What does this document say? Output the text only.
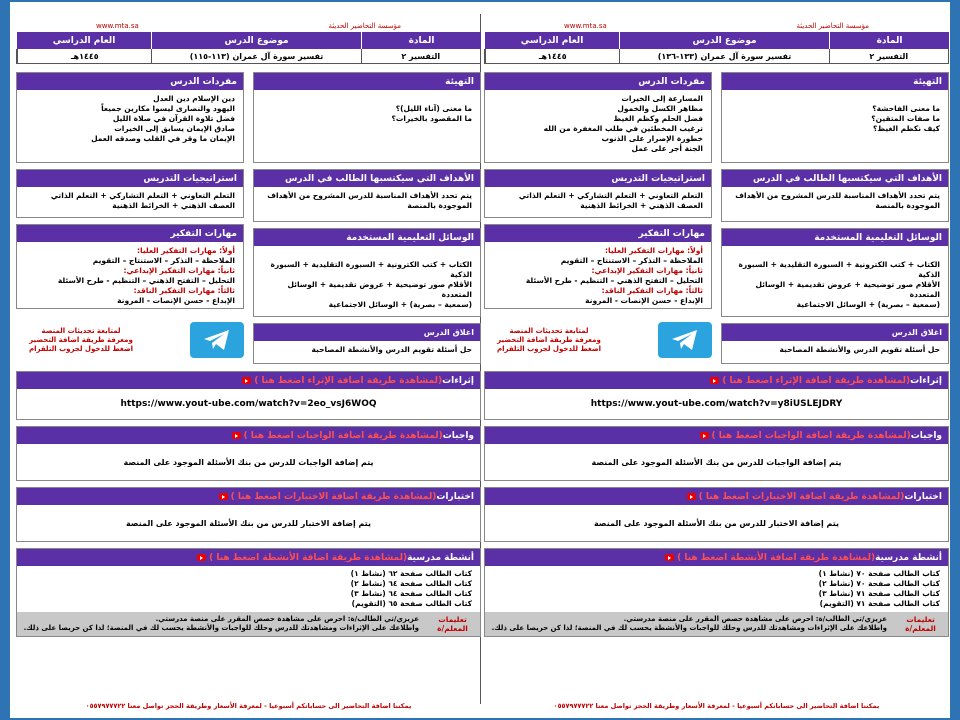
مؤسسة التحاضير الحديثة
www.mta.sa
المادة
موضوع الدرس
العام الدراسي
التفسير ٢
تفسير سورة آل عمران (١٣٣-١٣٦)
١٤٤٥هـ
التهيئة
ما معنى الفاحشة؟
ما صفات المتقين؟
كيف نكظم الغيظ؟
الأهداف التي سيكتسبها الطالب في الدرس
يتم تحدد الأهداف المناسبة للدرس المشروح من الأهداف الموجودة بالمنصة
الوسائل التعليمية المستخدمة
الكتاب + كتب الكترونية + السبورة التقليدية + السبورة الذكية
الأقلام صور توضيحية + عروض تقديمية + الوسائل المتعددة
(سمعية – بصرية) + الوسائل الاجتماعية
اغلاق الدرس
حل أسئلة تقويم الدرس والأنشطة المصاحبة
مفردات الدرس
المسارعة إلى الخيرات
مظاهر الكسل والخمول
فضل الحلم وكظم الغيظ
ترغيب المخطئين في طلب المغفرة من الله
خطورة الإصرار على الذنوب
الجنة أجر على عمل
استراتيجيات التدريس
التعلم التعاوني + التعلم التشاركي + التعلم الذاتي
العصف الذهني + الخرائط الذهنية
مهارات التفكير
أولاً: مهارات التفكير العليا:
الملاحظة – التذكر – الاستنتاج – التقويم
ثانياً: مهارات التفكير الإبداعي:
التحليل – التفتح الذهني – التنظيم - طرح الأسئلة
ثالثاً: مهارات التفكير الناقد:
الإبداع - حسن الإنصات - المرونة
لمتابعة تحديثات المنصة
ومعرفة طريقة اضافة التحضير
اضغط للدخول لجروب التلقرام
إثراءات
(لمشاهدة طريقة اضافة الإثراء اضغط هنا )
https://www.yout-ube.com/watch?v=y8iUSLEJDRY
واجبات
(لمشاهدة طريقة اضافة الواجبات اضغط هنا )
يتم إضافة الواجبات للدرس من بنك الأسئلة الموجود على المنصة
اختبارات
(لمشاهدة طريقة اضافة الاختبارات اضغط هنا )
يتم إضافة الاختبار للدرس من بنك الأسئلة الموجود على المنصة
أنشطة مدرسية
(لمشاهدة طريقة اضافة الأنشطة اضغط هنا )
كتاب الطالب صفحة ٧٠ (نشاط ١)
كتاب الطالب صفحة ٧٠ (نشاط ٢)
كتاب الطالب صفحة ٧١ (نشاط ٣)
كتاب الطالب صفحة ٧١ (التقويم)
تعليمات المعلم/ة
عزيزي/تي الطالب/ة: احرص على مشاهدة حصص المقرر على منصة مدرستي.
واطلاعك على الإثراءات ومشاهدتك للدرس وحلك للواجبات والأنشطة يحسب لك في المنصة؛ لذا كن حريصا على ذلك.
يمكننا اضافة التحاضير الى حساباتكم أسبوعيا - لمعرفة الأسعار وطريقة الحجز تواصل معنا ٠٥٥٧٩٧٧٧٢٢
مؤسسة التحاضير الحديثة
www.mta.sa
المادة
موضوع الدرس
العام الدراسي
التفسير ٢
تفسير سورة آل عمران (١١٣-١١٥)
١٤٤٥هـ
التهيئة
ما معنى (آناء الليل)؟
ما المقصود بالخيرات؟
الأهداف التي سيكتسبها الطالب في الدرس
يتم تحدد الأهداف المناسبة للدرس المشروح من الأهداف الموجودة بالمنصة
الوسائل التعليمية المستخدمة
الكتاب + كتب الكترونية + السبورة التقليدية + السبورة الذكية
الأقلام صور توضيحية + عروض تقديمية + الوسائل المتعددة
(سمعية – بصرية) + الوسائل الاجتماعية
اغلاق الدرس
حل أسئلة تقويم الدرس والأنشطة المصاحبة
مفردات الدرس
دين الإسلام دين العدل
اليهود والنصارى ليسوا مكارين جميعاً
فضل تلاوة القرآن في صلاة الليل
صادق الإيمان يسابق إلى الخيرات
الإيمان ما وقر في القلب وصدقه العمل
استراتيجيات التدريس
التعلم التعاوني + التعلم التشاركي + التعلم الذاتي
العصف الذهني + الخرائط الذهنية
مهارات التفكير
أولاً: مهارات التفكير العليا:
الملاحظة – التذكر – الاستنتاج – التقويم
ثانياً: مهارات التفكير الإبداعي:
التحليل – التفتح الذهني – التنظيم - طرح الأسئلة
ثالثاً: مهارات التفكير الناقد:
الإبداع - حسن الإنصات - المرونة
لمتابعة تحديثات المنصة
ومعرفة طريقة اضافة التحضير
اضغط للدخول لجروب التلقرام
إثراءات
(لمشاهدة طريقة اضافة الإثراء اضغط هنا )
https://www.yout-ube.com/watch?v=2eo_vsJ6WOQ
واجبات
(لمشاهدة طريقة اضافة الواجبات اضغط هنا )
يتم إضافة الواجبات للدرس من بنك الأسئلة الموجود على المنصة
اختبارات
(لمشاهدة طريقة اضافة الاختبارات اضغط هنا )
يتم إضافة الاختبار للدرس من بنك الأسئلة الموجود على المنصة
أنشطة مدرسية
(لمشاهدة طريقة اضافة الأنشطة اضغط هنا )
كتاب الطالب صفحة ٦٢ (نشاط ١)
كتاب الطالب صفحة ٦٤ (نشاط ٢)
كتاب الطالب صفحة ٦٤ (نشاط ٣)
كتاب الطالب صفحة ٦٥ (التقويم)
تعليمات المعلم/ة
عزيزي/تي الطالب/ة: احرص على مشاهدة حصص المقرر على منصة مدرستي.
واطلاعك على الإثراءات ومشاهدتك للدرس وحلك للواجبات والأنشطة يحسب لك في المنصة؛ لذا كن حريصا على ذلك.
يمكننا اضافة التحاضير الى حساباتكم أسبوعيا - لمعرفة الأسعار وطريقة الحجز تواصل معنا ٠٥٥٧٩٧٧٧٢٢
